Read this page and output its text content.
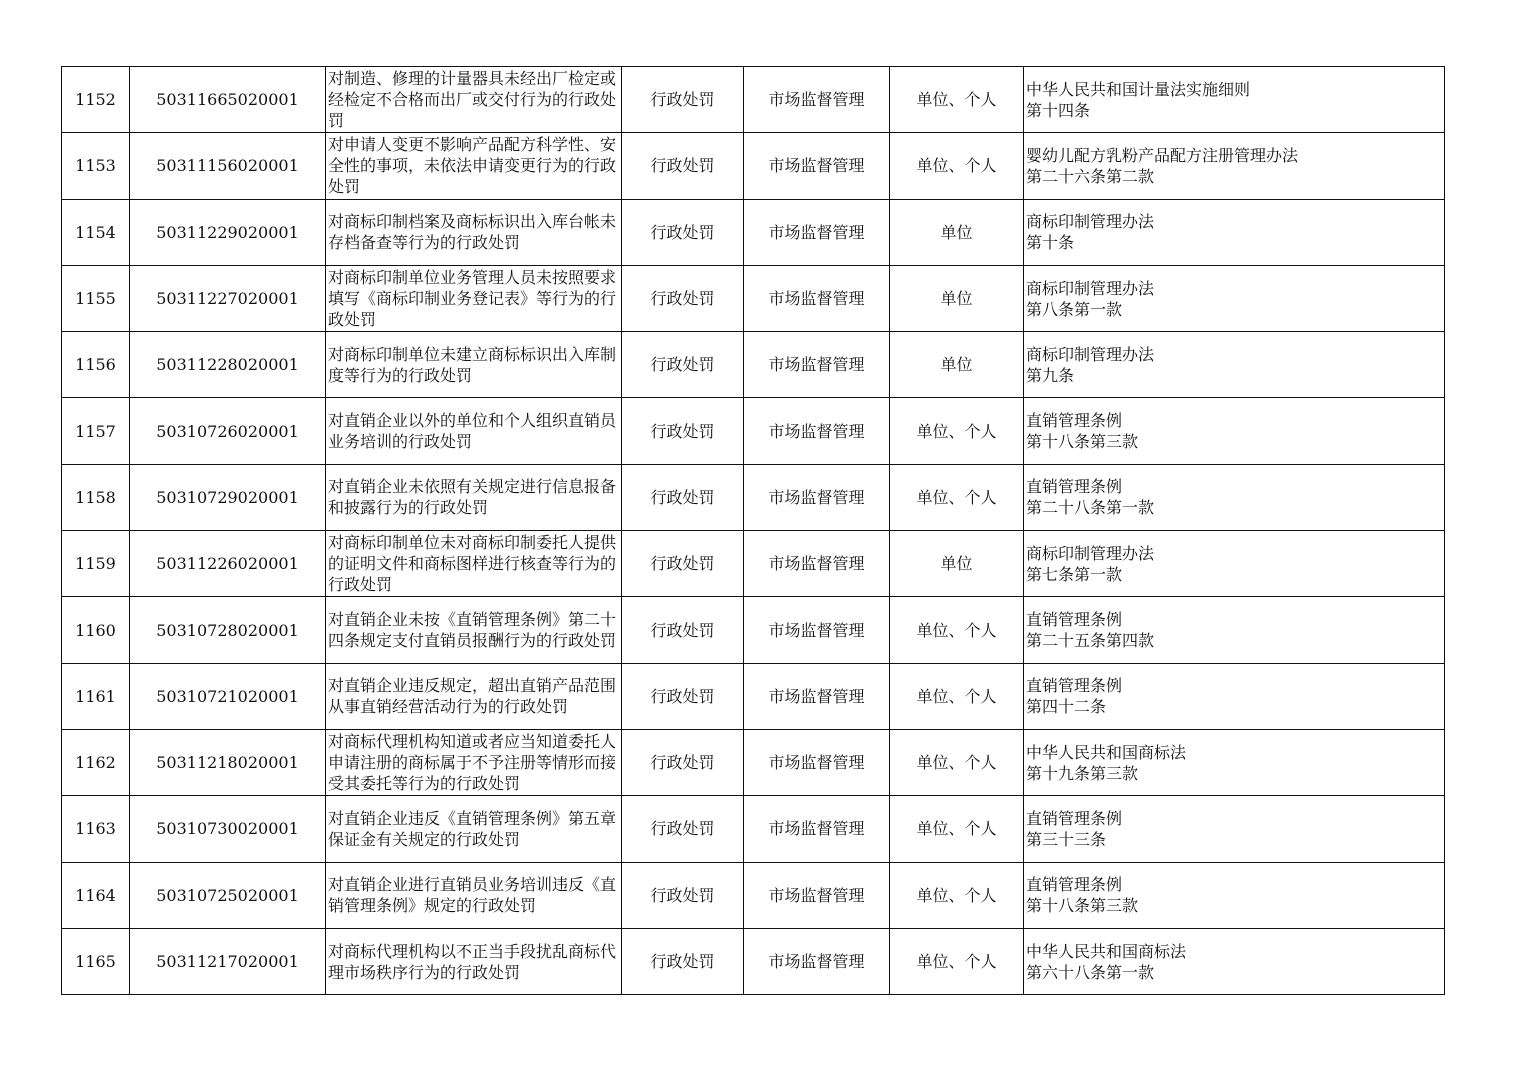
1152	50311665020001	对制造、修理的计量器具未经出厂检定或经检定不合格而出厂或交付行为的行政处罚	行政处罚	市场监督管理	单位、个人	中华人民共和国计量法实施细则
第十四条

1153	50311156020001	对申请人变更不影响产品配方科学性、安全性的事项，未依法申请变更行为的行政处罚	行政处罚	市场监督管理	单位、个人	婴幼儿配方乳粉产品配方注册管理办法
第二十六条第二款

1154	50311229020001	对商标印制档案及商标标识出入库台帐未存档备查等行为的行政处罚	行政处罚	市场监督管理	单位	商标印制管理办法
第十条

1155	50311227020001	对商标印制单位业务管理人员未按照要求填写《商标印制业务登记表》等行为的行政处罚	行政处罚	市场监督管理	单位	商标印制管理办法
第八条第一款

1156	50311228020001	对商标印制单位未建立商标标识出入库制度等行为的行政处罚	行政处罚	市场监督管理	单位	商标印制管理办法
第九条

1157	50310726020001	对直销企业以外的单位和个人组织直销员业务培训的行政处罚	行政处罚	市场监督管理	单位、个人	直销管理条例
第十八条第三款

1158	50310729020001	对直销企业未依照有关规定进行信息报备和披露行为的行政处罚	行政处罚	市场监督管理	单位、个人	直销管理条例
第二十八条第一款

1159	50311226020001	对商标印制单位未对商标印制委托人提供的证明文件和商标图样进行核查等行为的行政处罚	行政处罚	市场监督管理	单位	商标印制管理办法
第七条第一款

1160	50310728020001	对直销企业未按《直销管理条例》第二十四条规定支付直销员报酬行为的行政处罚	行政处罚	市场监督管理	单位、个人	直销管理条例
第二十五条第四款

1161	50310721020001	对直销企业违反规定，超出直销产品范围从事直销经营活动行为的行政处罚	行政处罚	市场监督管理	单位、个人	直销管理条例
第四十二条

1162	50311218020001	对商标代理机构知道或者应当知道委托人申请注册的商标属于不予注册等情形而接受其委托等行为的行政处罚	行政处罚	市场监督管理	单位、个人	中华人民共和国商标法
第十九条第三款

1163	50310730020001	对直销企业违反《直销管理条例》第五章保证金有关规定的行政处罚	行政处罚	市场监督管理	单位、个人	直销管理条例
第三十三条

1164	50310725020001	对直销企业进行直销员业务培训违反《直销管理条例》规定的行政处罚	行政处罚	市场监督管理	单位、个人	直销管理条例
第十八条第三款

1165	50311217020001	对商标代理机构以不正当手段扰乱商标代理市场秩序行为的行政处罚	行政处罚	市场监督管理	单位、个人	中华人民共和国商标法
第六十八条第一款
